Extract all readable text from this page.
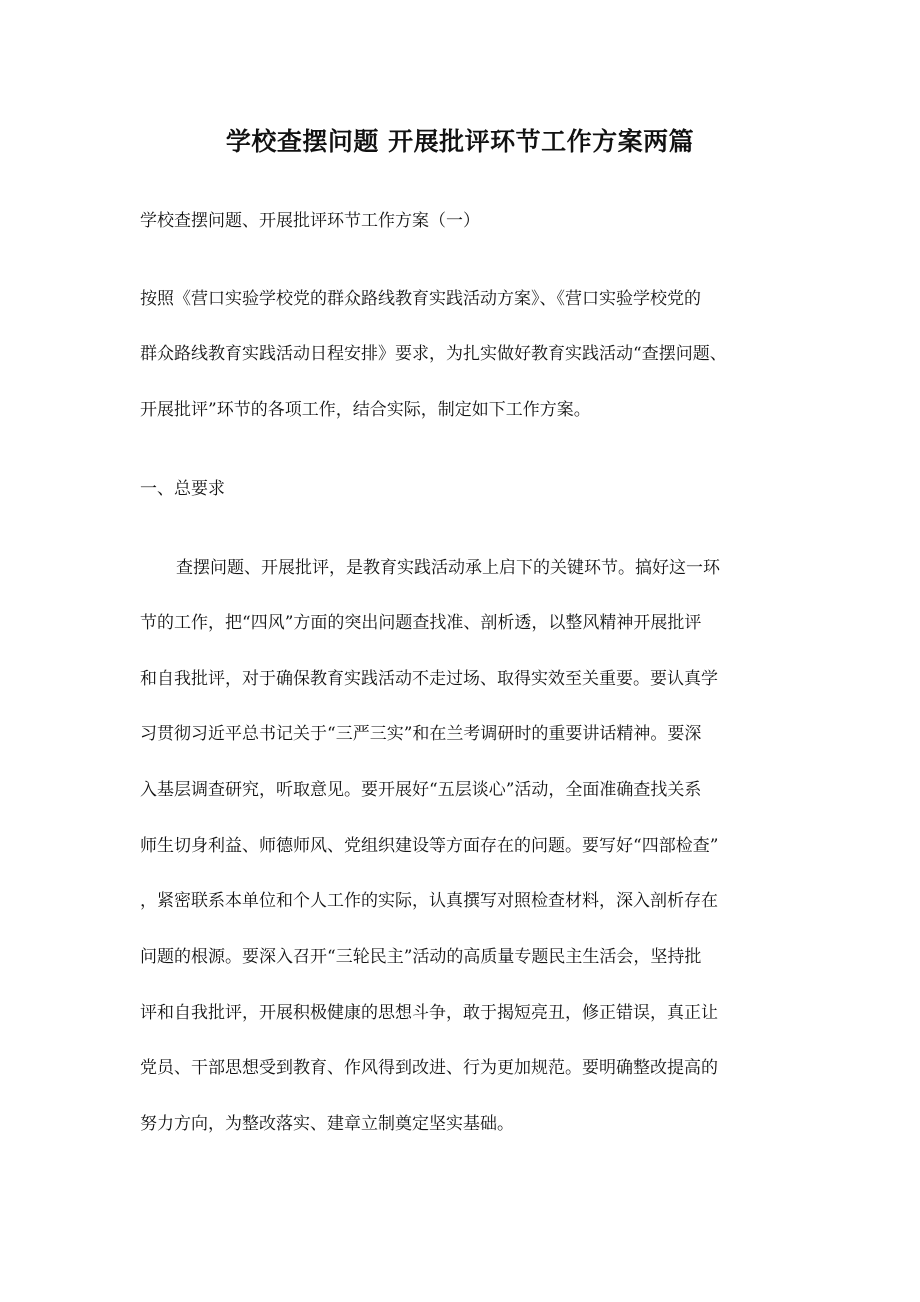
学校查摆问题 开展批评环节工作方案两篇
学校查摆问题、开展批评环节工作方案（一）
按照《营口实验学校党的群众路线教育实践活动方案》、《营口实验学校党的
群众路线教育实践活动日程安排》要求，为扎实做好教育实践活动“查摆问题、
开展批评”环节的各项工作，结合实际，制定如下工作方案。
一、总要求
查摆问题、开展批评，是教育实践活动承上启下的关键环节。搞好这一环
节的工作，把“四风”方面的突出问题查找准、剖析透，以整风精神开展批评
和自我批评，对于确保教育实践活动不走过场、取得实效至关重要。要认真学
习贯彻习近平总书记关于“三严三实”和在兰考调研时的重要讲话精神。要深
入基层调查研究，听取意见。要开展好“五层谈心”活动，全面准确查找关系
师生切身利益、师德师风、党组织建设等方面存在的问题。要写好“四部检查”
，紧密联系本单位和个人工作的实际，认真撰写对照检查材料，深入剖析存在
问题的根源。要深入召开“三轮民主”活动的高质量专题民主生活会，坚持批
评和自我批评，开展积极健康的思想斗争，敢于揭短亮丑，修正错误，真正让
党员、干部思想受到教育、作风得到改进、行为更加规范。要明确整改提高的
努力方向，为整改落实、建章立制奠定坚实基础。
